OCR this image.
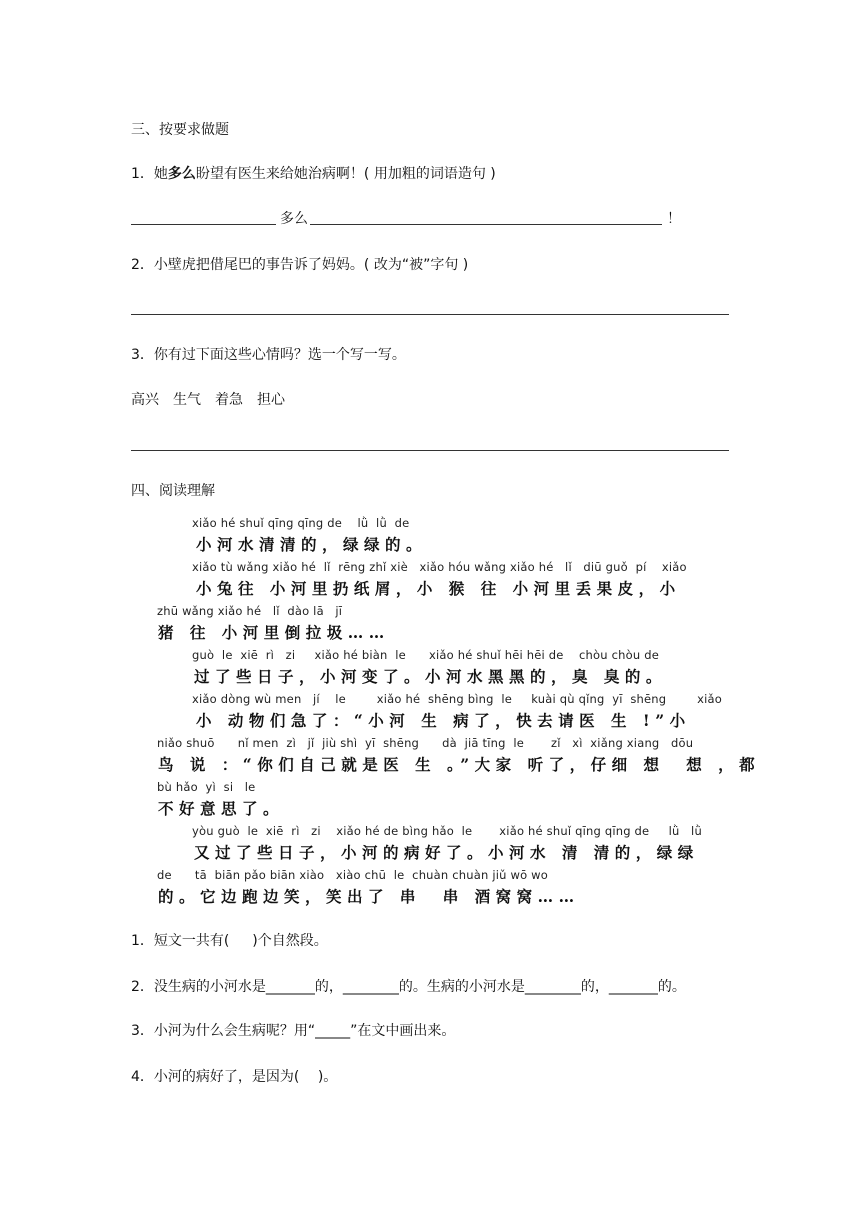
三、按要求做题
1．她多么盼望有医生来给她治病啊！( 用加粗的词语造句 )
多么	！
2．小壁虎把借尾巴的事告诉了妈妈。( 改为“被”字句 )
3．你有过下面这些心情吗？选一个写一写。
高兴　生气　着急　担心
四、阅读理解
xiǎo hé shuǐ qīng qīng de    lǜ  lǜ  de
小河水清清的，绿绿的。
xiǎo tù wǎng xiǎo hé  lǐ  rēng zhǐ xiè   xiǎo hóu wǎng xiǎo hé   lǐ   diū guǒ  pí    xiǎo
小兔往 小河里扔纸屑，小 猴 往 小河里丢果皮，小
zhū wǎng xiǎo hé   lǐ  dào lā   jī
猪 往 小河里倒拉圾……
guò  le  xiē  rì   zi     xiǎo hé biàn  le      xiǎo hé shuǐ hēi hēi de    chòu chòu de
过了些日子，小河变了。小河水黑黑的，臭 臭的。
xiǎo dòng wù men   jí    le        xiǎo hé  shēng bìng  le     kuài qù qǐng  yī  shēng        xiǎo
小 动物们急了：“小河 生 病了，快去请医 生 !”小
niǎo shuō      nǐ men  zì   jǐ  jiù shì  yī  shēng      dà  jiā tīng  le       zǐ   xì  xiǎng xiang   dōu
鸟 说 ：“你们自己就是医 生 。”大家 听了，仔细 想  想 ，都
bù hǎo  yì  si   le
不好意思了。
yòu guò  le  xiē  rì   zi    xiǎo hé de bìng hǎo  le       xiǎo hé shuǐ qīng qīng de     lǜ   lǜ
又过了些日子，小河的病好了。小河水 清 清的，绿绿
de      tā  biān pǎo biān xiào   xiào chū  le  chuàn chuàn jiǔ wō wo
的。它边跑边笑，笑出了 串  串 酒窝窝……
1．短文一共有(　  )个自然段。
2．没生病的小河水是_______的，________的。生病的小河水是________的，_______的。
3．小河为什么会生病呢？用“_____”在文中画出来。
4．小河的病好了，是因为(　 )。
